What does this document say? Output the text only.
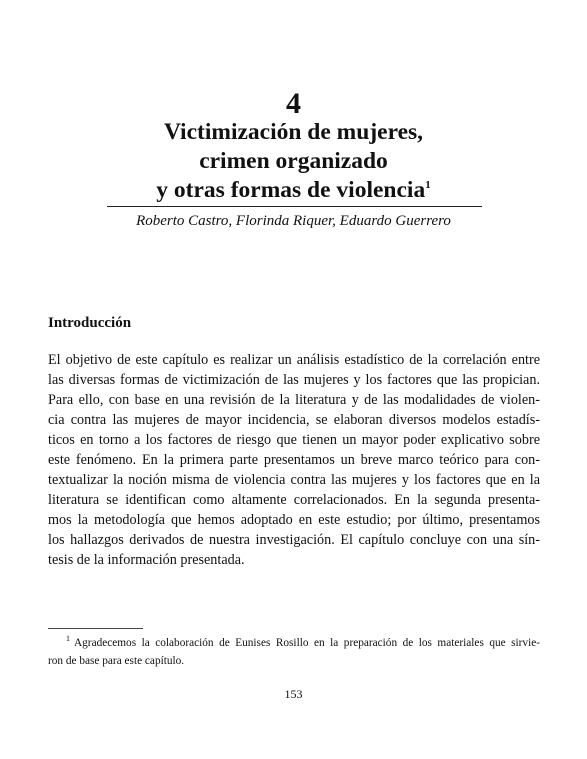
4
Victimización de mujeres,
crimen organizado
y otras formas de violencia$^1$
Roberto Castro, Florinda Riquer, Eduardo Guerrero
Introducción
El objetivo de este capítulo es realizar un análisis estadístico de la correlación entre
las diversas formas de victimización de las mujeres y los factores que las propician.
Para ello, con base en una revisión de la literatura y de las modalidades de violen-
cia contra las mujeres de mayor incidencia, se elaboran diversos modelos estadís-
ticos en torno a los factores de riesgo que tienen un mayor poder explicativo sobre
este fenómeno. En la primera parte presentamos un breve marco teórico para con-
textualizar la noción misma de violencia contra las mujeres y los factores que en la
literatura se identifican como altamente correlacionados. En la segunda presenta-
mos la metodología que hemos adoptado en este estudio; por último, presentamos
los hallazgos derivados de nuestra investigación. El capítulo concluye con una sín-
tesis de la información presentada.
$^1$ Agradecemos la colaboración de Eunises Rosillo en la preparación de los materiales que sirvie-
ron de base para este capítulo.
153
